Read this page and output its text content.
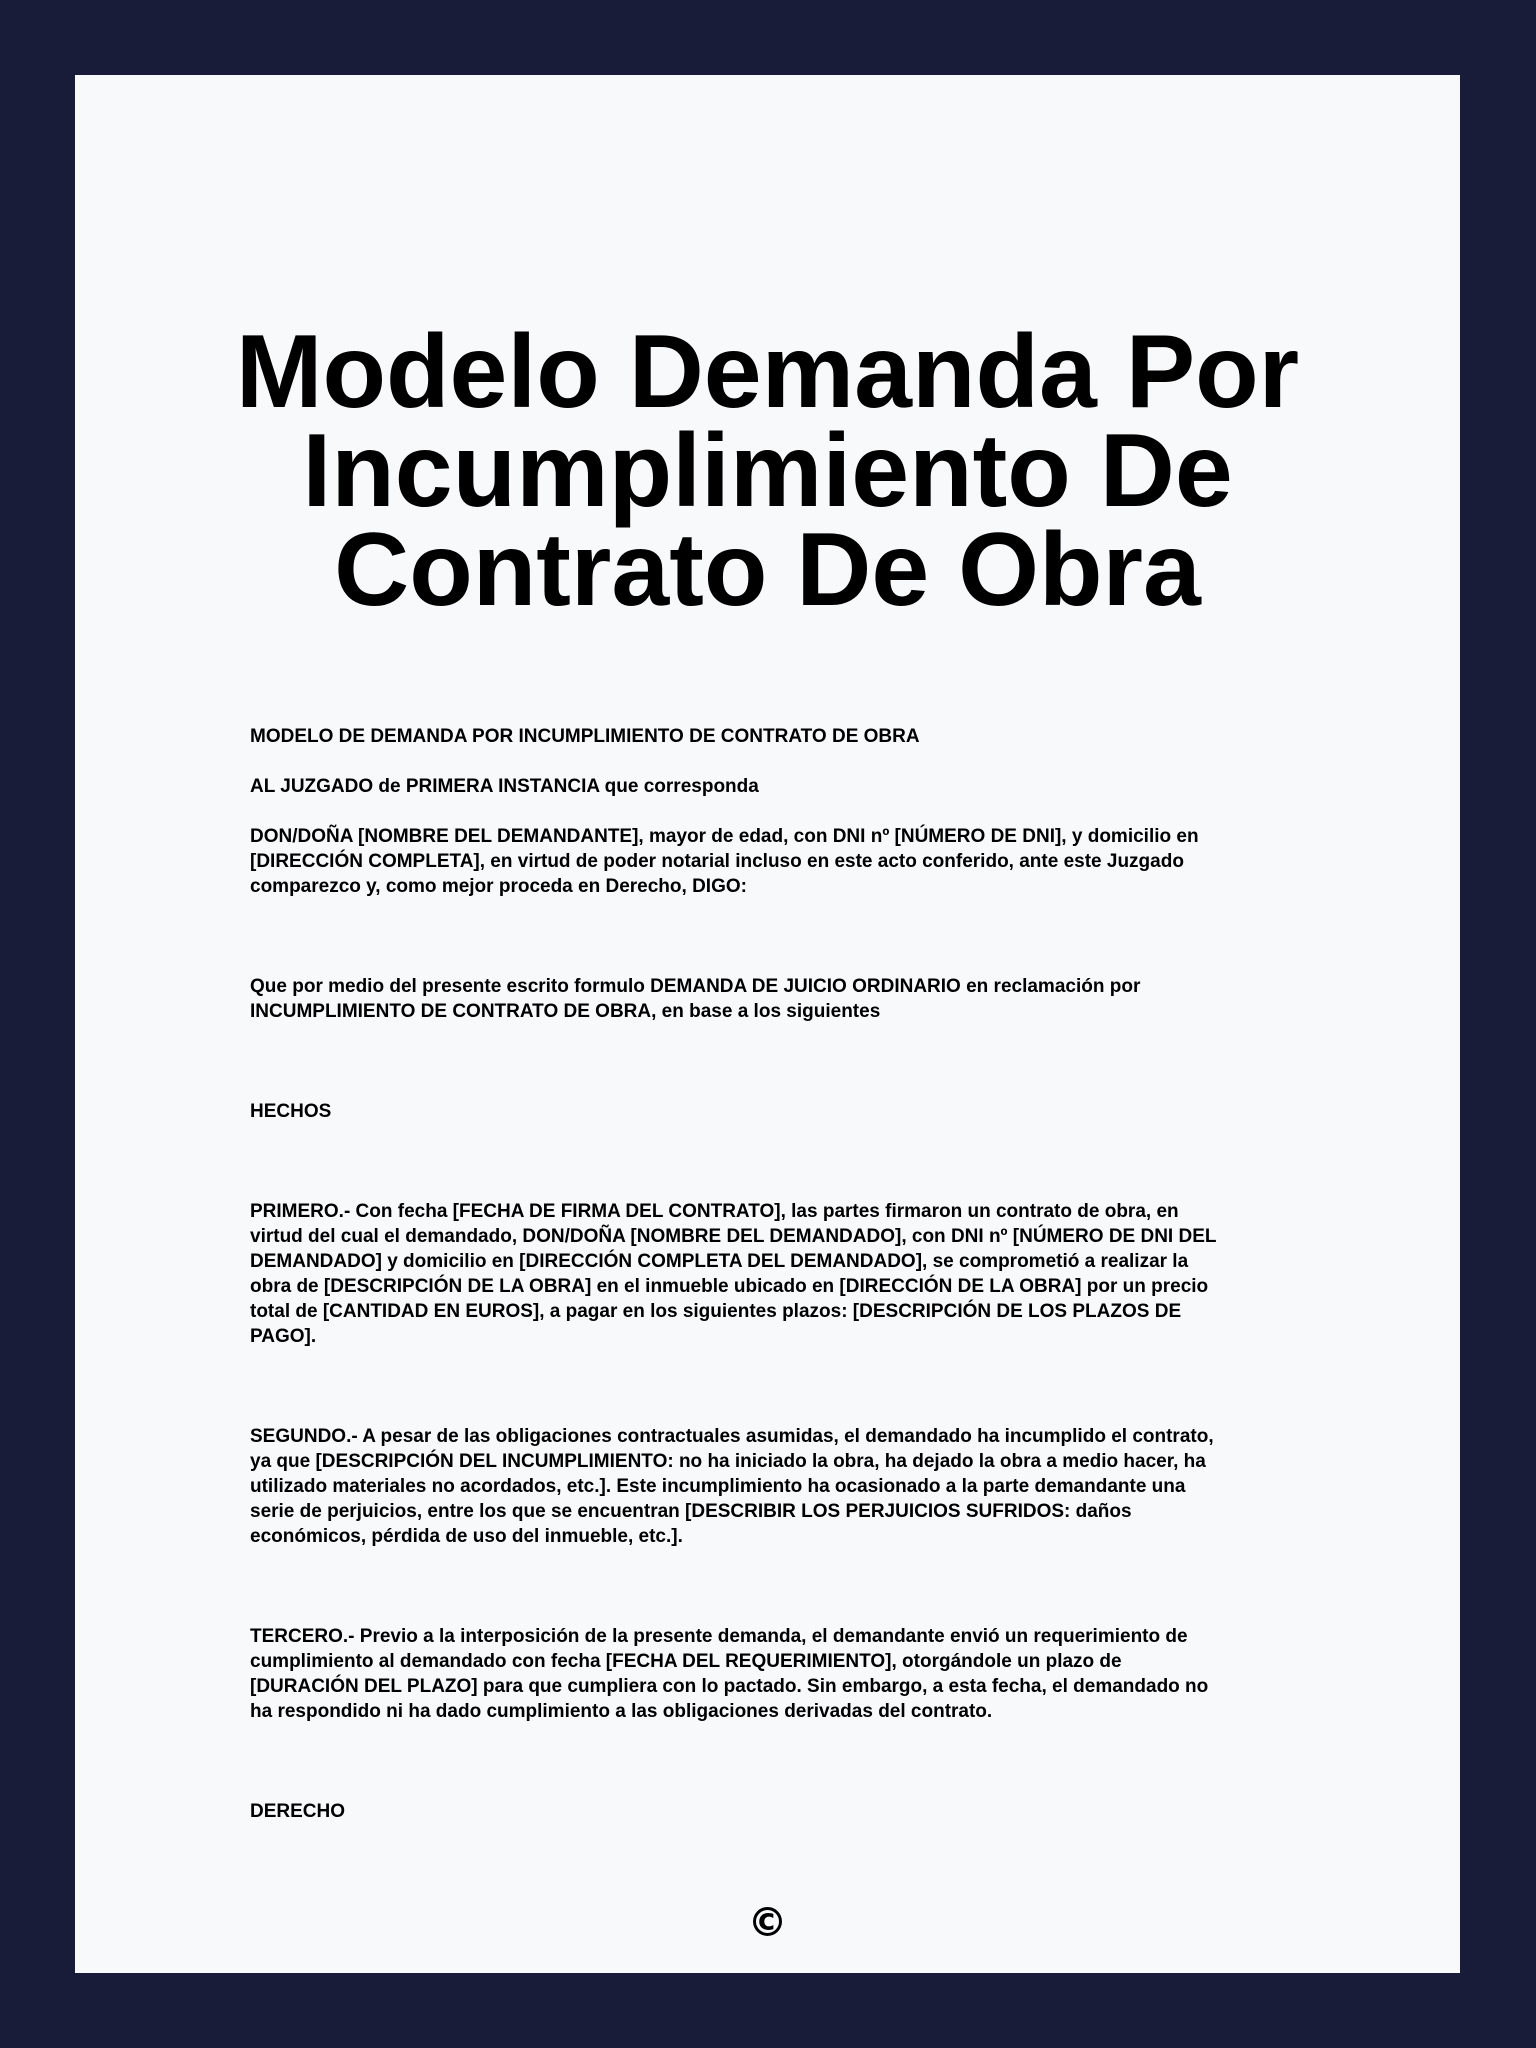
Modelo Demanda Por Incumplimiento De Contrato De Obra

MODELO DE DEMANDA POR INCUMPLIMIENTO DE CONTRATO DE OBRA

AL JUZGADO de PRIMERA INSTANCIA que corresponda

DON/DOÑA [NOMBRE DEL DEMANDANTE], mayor de edad, con DNI nº [NÚMERO DE DNI], y domicilio en
[DIRECCIÓN COMPLETA], en virtud de poder notarial incluso en este acto conferido, ante este Juzgado
comparezco y, como mejor proceda en Derecho, DIGO:

Que por medio del presente escrito formulo DEMANDA DE JUICIO ORDINARIO en reclamación por
INCUMPLIMIENTO DE CONTRATO DE OBRA, en base a los siguientes

HECHOS

PRIMERO.- Con fecha [FECHA DE FIRMA DEL CONTRATO], las partes firmaron un contrato de obra, en
virtud del cual el demandado, DON/DOÑA [NOMBRE DEL DEMANDADO], con DNI nº [NÚMERO DE DNI DEL
DEMANDADO] y domicilio en [DIRECCIÓN COMPLETA DEL DEMANDADO], se comprometió a realizar la
obra de [DESCRIPCIÓN DE LA OBRA] en el inmueble ubicado en [DIRECCIÓN DE LA OBRA] por un precio
total de [CANTIDAD EN EUROS], a pagar en los siguientes plazos: [DESCRIPCIÓN DE LOS PLAZOS DE
PAGO].

SEGUNDO.- A pesar de las obligaciones contractuales asumidas, el demandado ha incumplido el contrato,
ya que [DESCRIPCIÓN DEL INCUMPLIMIENTO: no ha iniciado la obra, ha dejado la obra a medio hacer, ha
utilizado materiales no acordados, etc.]. Este incumplimiento ha ocasionado a la parte demandante una
serie de perjuicios, entre los que se encuentran [DESCRIBIR LOS PERJUICIOS SUFRIDOS: daños
económicos, pérdida de uso del inmueble, etc.].

TERCERO.- Previo a la interposición de la presente demanda, el demandante envió un requerimiento de
cumplimiento al demandado con fecha [FECHA DEL REQUERIMIENTO], otorgándole un plazo de
[DURACIÓN DEL PLAZO] para que cumpliera con lo pactado. Sin embargo, a esta fecha, el demandado no
ha respondido ni ha dado cumplimiento a las obligaciones derivadas del contrato.

DERECHO

©
